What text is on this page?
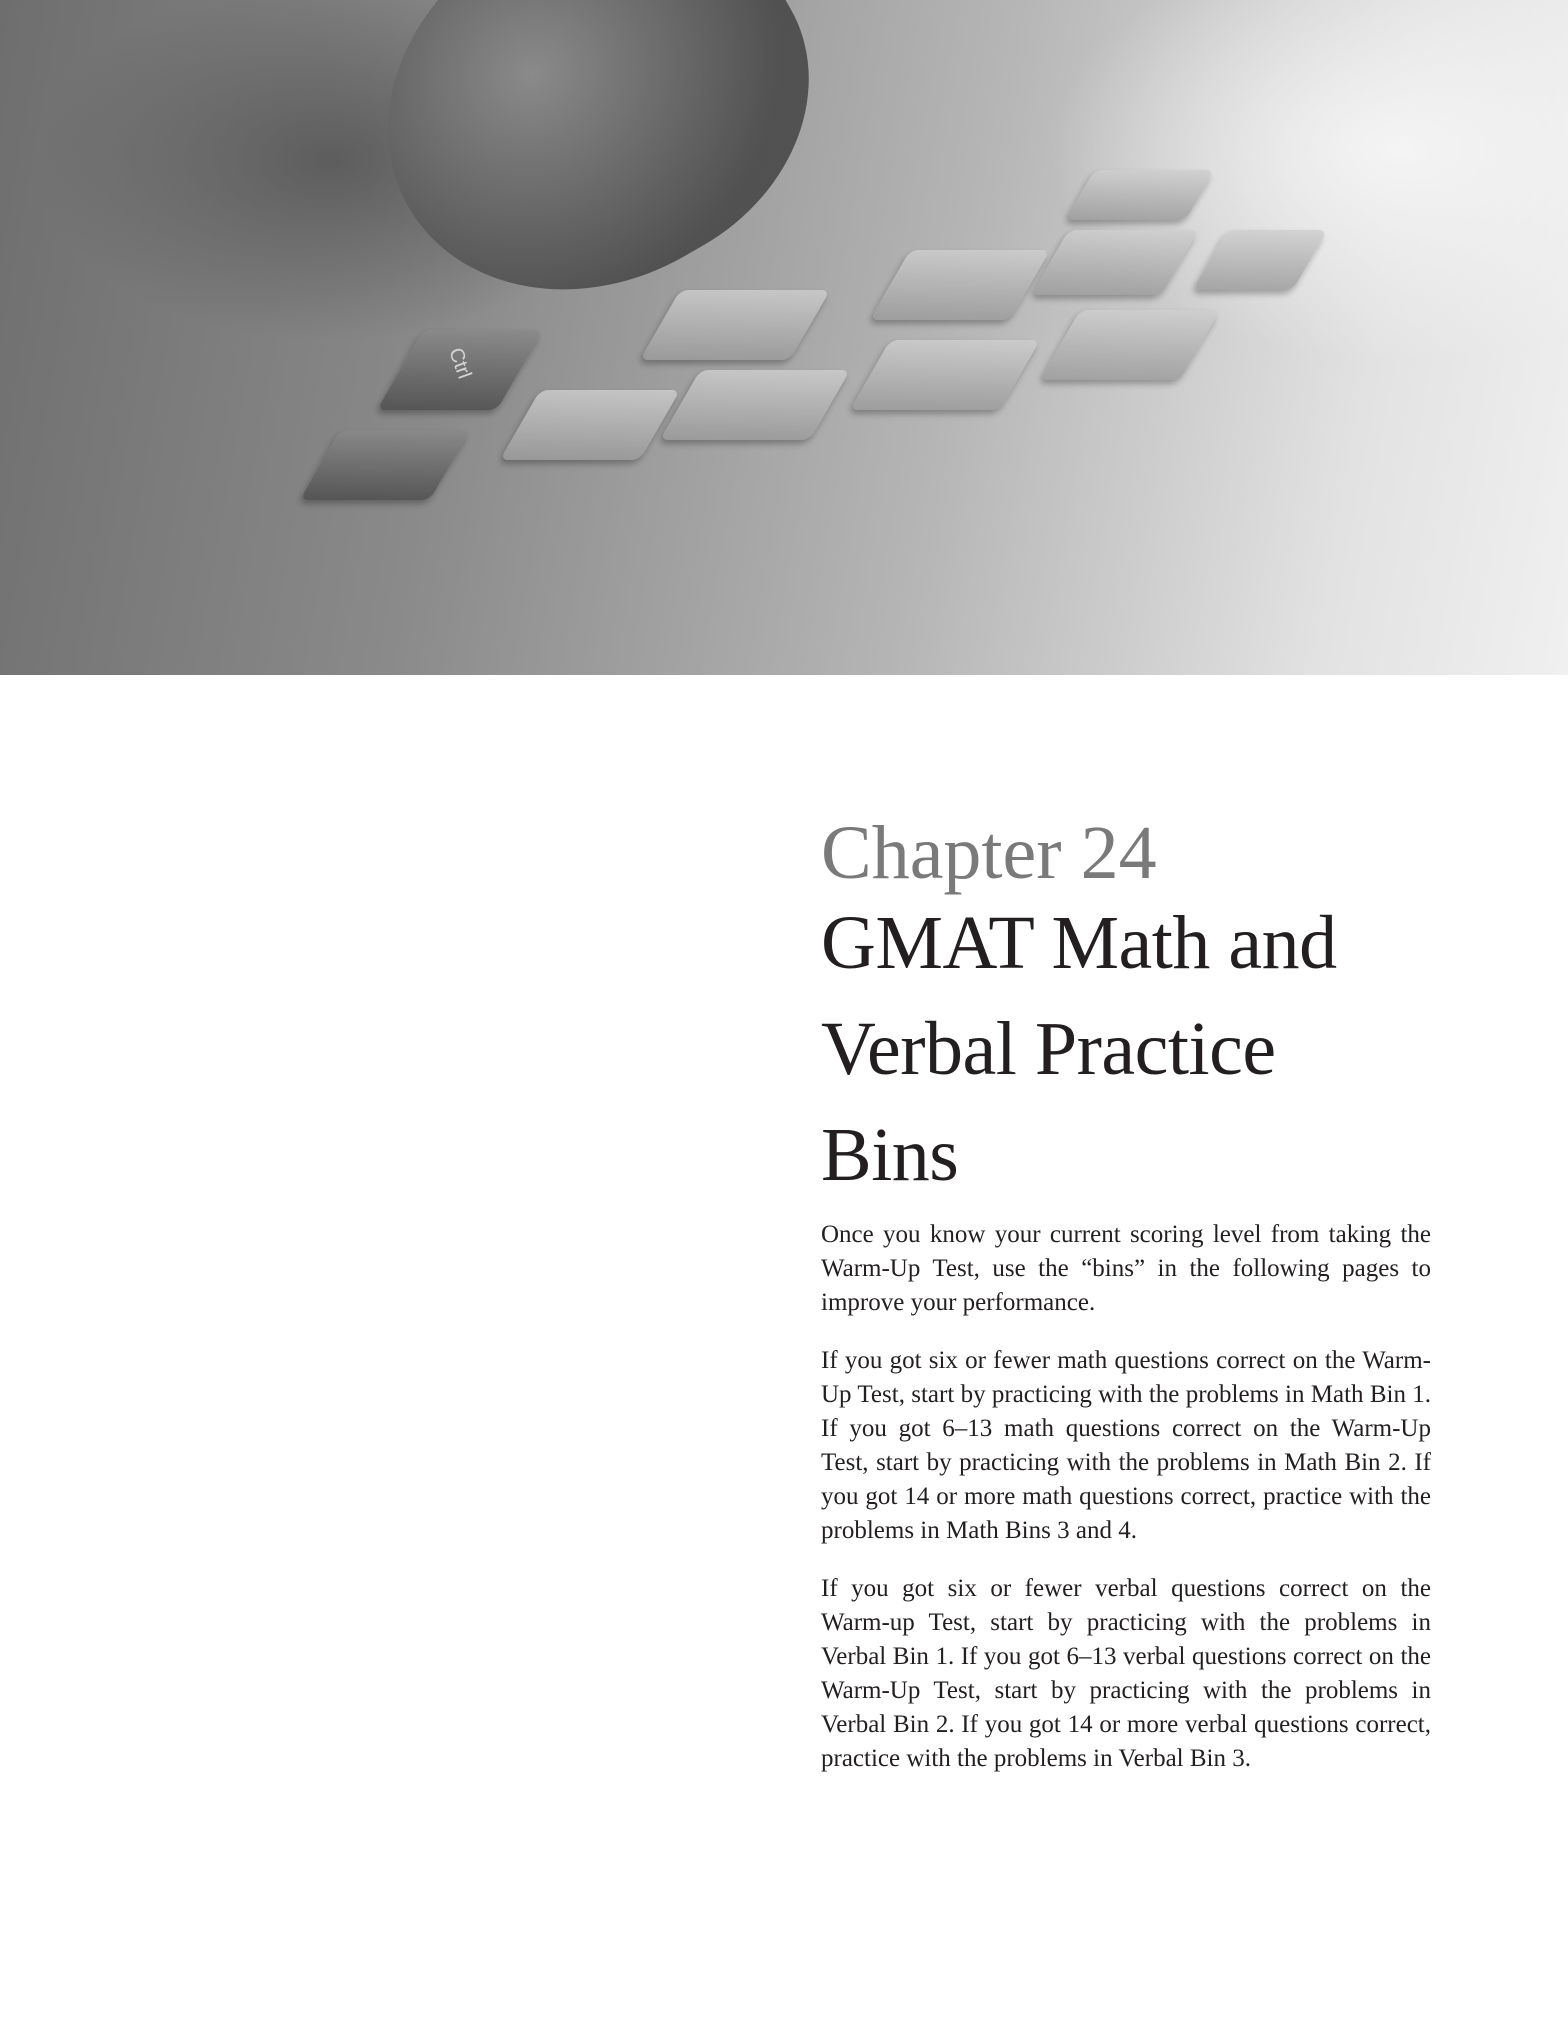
Ctrl
Chapter 24
GMAT Math and
Verbal Practice Bins

Once you know your current scoring level from taking the Warm-Up Test, use the “bins” in the following pages to improve your performance.

If you got six or fewer math questions correct on the Warm-Up Test, start by practicing with the problems in Math Bin 1. If you got 6–13 math questions correct on the Warm-Up Test, start by practicing with the problems in Math Bin 2. If you got 14 or more math questions correct, practice with the problems in Math Bins 3 and 4.

If you got six or fewer verbal questions correct on the Warm-up Test, start by practicing with the problems in Verbal Bin 1. If you got 6–13 verbal questions correct on the Warm-Up Test, start by practicing with the problems in Verbal Bin 2. If you got 14 or more verbal questions correct, practice with the problems in Verbal Bin 3.
